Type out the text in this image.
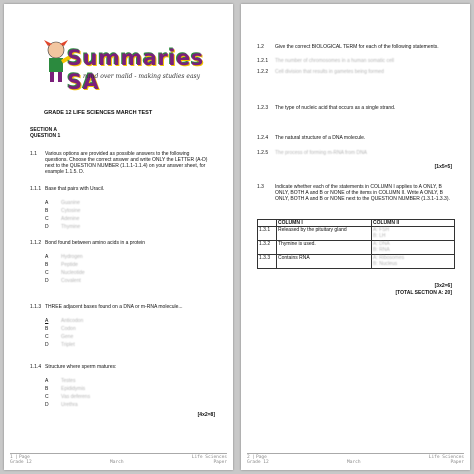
Summaries SA
mind over malid - making studies easy
GRADE 12 LIFE SCIENCES MARCH TEST
SECTION A
QUESTION 1
1.1 Various options are provided as possible answers to the following questions. Choose the correct answer and write ONLY the LETTER (A-D) next to the QUESTION NUMBER (1.1.1-1.1.4) on your answer sheet, for example 1.1.5. D.
1.1.1 Base that pairs with Uracil.
A	Guanine
B	Cytosine
C Adenine
D Thymine
1.1.2 Bond found between amino acids in a protein
A	Hydrogen
B	Peptide
C Nucleotide
D Covalent
1.1.3 THREE adjacent bases found on a DNA or m-RNA molecule...
A	Anticodon
B	Codon
C Gene
D Triplet
1.1.4 Structure where sperm matures:
A	Testes
B	Epididymis
C Vas deferens
D Urethra
[4x2=8]
1 | Page
Grade 12	March
Life Sciences
Paper
1.2 Give the correct BIOLOGICAL TERM for each of the following statements.
1.2.1 The number of chromosomes in a human somatic cell
1.2.2 Cell division that results in gametes being formed
1.2.3 The type of nucleic acid that occurs as a single strand.
1.2.4 The natural structure of a DNA molecule.
1.2.5 The process of forming m-RNA from DNA
[1x5=5]
1.3 Indicate whether each of the statements in COLUMN I applies to A ONLY, B ONLY, BOTH A and B or NONE of the items in COLUMN II. Write A ONLY, B ONLY, BOTH A and B or NONE next to the QUESTION NUMBER (1.3.1-1.3.3).
	COLUMN I	COLUMN II
1.3.1	Released by the pituitary gland	A: FSH
B: LH

1.3.2	Thymine is used.	A: DNA
B: RNA

1.3.3	Contains RNA	A: Ribosomes
B: Nucleus
[3x2=6]
[TOTAL SECTION A: 20]
2 | Page
Grade 12	March
Life Sciences
Paper
